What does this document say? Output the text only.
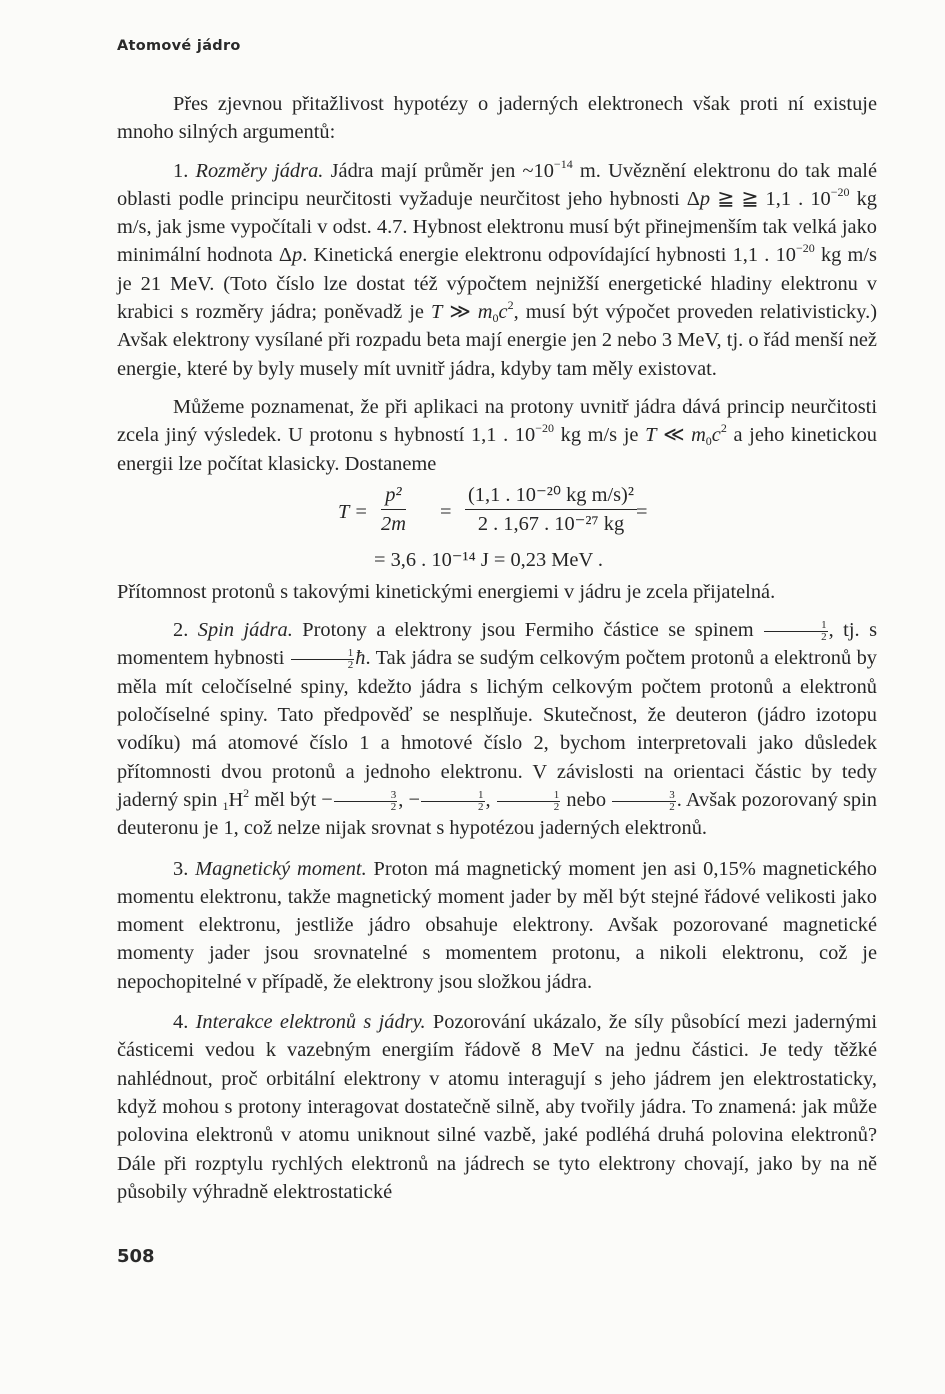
Atomové jádro

Přes zjevnou přitažlivost hypotézy o jaderných elektronech však proti ní existuje mnoho silných argumentů:

1. Rozměry jádra. Jádra mají průměr jen $\sim 10^{-14}$ m. Uvěznění elektronu do tak malé oblasti podle principu neurčitosti vyžaduje neurčitost jeho hybnosti Δp ≧ ≧ 1,1 . $10^{-20}$ kg m/s, jak jsme vypočítali v odst. 4.7. Hybnost elektronu musí být přinejmenším tak velká jako minimální hodnota Δp. Kinetická energie elektronu odpovídající hybnosti 1,1 . $10^{-20}$ kg m/s je 21 MeV. (Toto číslo lze dostat též výpočtem nejnižší energetické hladiny elektronu v krabici s rozměry jádra; poněvadž je T ≫ $m_0c^2$, musí být výpočet proveden relativisticky.) Avšak elektrony vysílané při rozpadu beta mají energie jen 2 nebo 3 MeV, tj. o řád menší než energie, které by byly musely mít uvnitř jádra, kdyby tam měly existovat.

Můžeme poznamenat, že při aplikaci na protony uvnitř jádra dává princip neurčitosti zcela jiný výsledek. U protonu s hybností 1,1 . $10^{-20}$ kg m/s je T ≪ $m_0c^2$ a jeho kinetickou energii lze počítat klasicky. Dostaneme

$T = \frac{\text{p²}}{2m} = \frac{\text{(1,1 . 10⁻²⁰ kg m/s)²}}{\text{2 . 1,67 . 10⁻²⁷ kg}}$ =
= 3,6 . 10⁻¹⁴ J = 0,23 MeV .

Přítomnost protonů s takovými kinetickými energiemi v jádru je zcela přijatelná.

2. Spin jádra. Protony a elektrony jsou Fermiho částice se spinem $\frac{1}{2}$ , tj. s momentem hybnosti $\frac{1}{2}$ ħ. Tak jádra se sudým celkovým počtem protonů a elektronů by měla mít celočíselné spiny, kdežto jádra s lichým celkovým počtem protonů a elektronů poločíselné spiny. Tato předpověď se nesplňuje. Skutečnost, že deuteron (jádro izotopu vodíku) má atomové číslo 1 a hmotové číslo 2, bychom interpretovali jako důsledek přítomnosti dvou protonů a jednoho elektronu. V závislosti na orientaci částic by tedy jaderný spin $_1H^2$ měl být − $\frac{3}{2}$ , − $\frac{1}{2}$ , $\frac{1}{2}$ nebo $\frac{3}{2}$ . Avšak pozorovaný spin deuteronu je 1, což nelze nijak srovnat s hypotézou jaderných elektronů.

3. Magnetický moment. Proton má magnetický moment jen asi 0,15% magnetického momentu elektronu, takže magnetický moment jader by měl být stejné řádové velikosti jako moment elektronu, jestliže jádro obsahuje elektrony. Avšak pozorované magnetické momenty jader jsou srovnatelné s momentem protonu, a nikoli elektronu, což je nepochopitelné v případě, že elektrony jsou složkou jádra.

4. Interakce elektronů s jádry. Pozorování ukázalo, že síly působící mezi jadernými částicemi vedou k vazebným energiím řádově 8 MeV na jednu částici. Je tedy těžké nahlédnout, proč orbitální elektrony v atomu interagují s jeho jádrem jen elektrostaticky, když mohou s protony interagovat dostatečně silně, aby tvořily jádra. To znamená: jak může polovina elektronů v atomu uniknout silné vazbě, jaké podléhá druhá polovina elektronů? Dále při rozptylu rychlých elektronů na jádrech se tyto elektrony chovají, jako by na ně působily výhradně elektrostatické

508
